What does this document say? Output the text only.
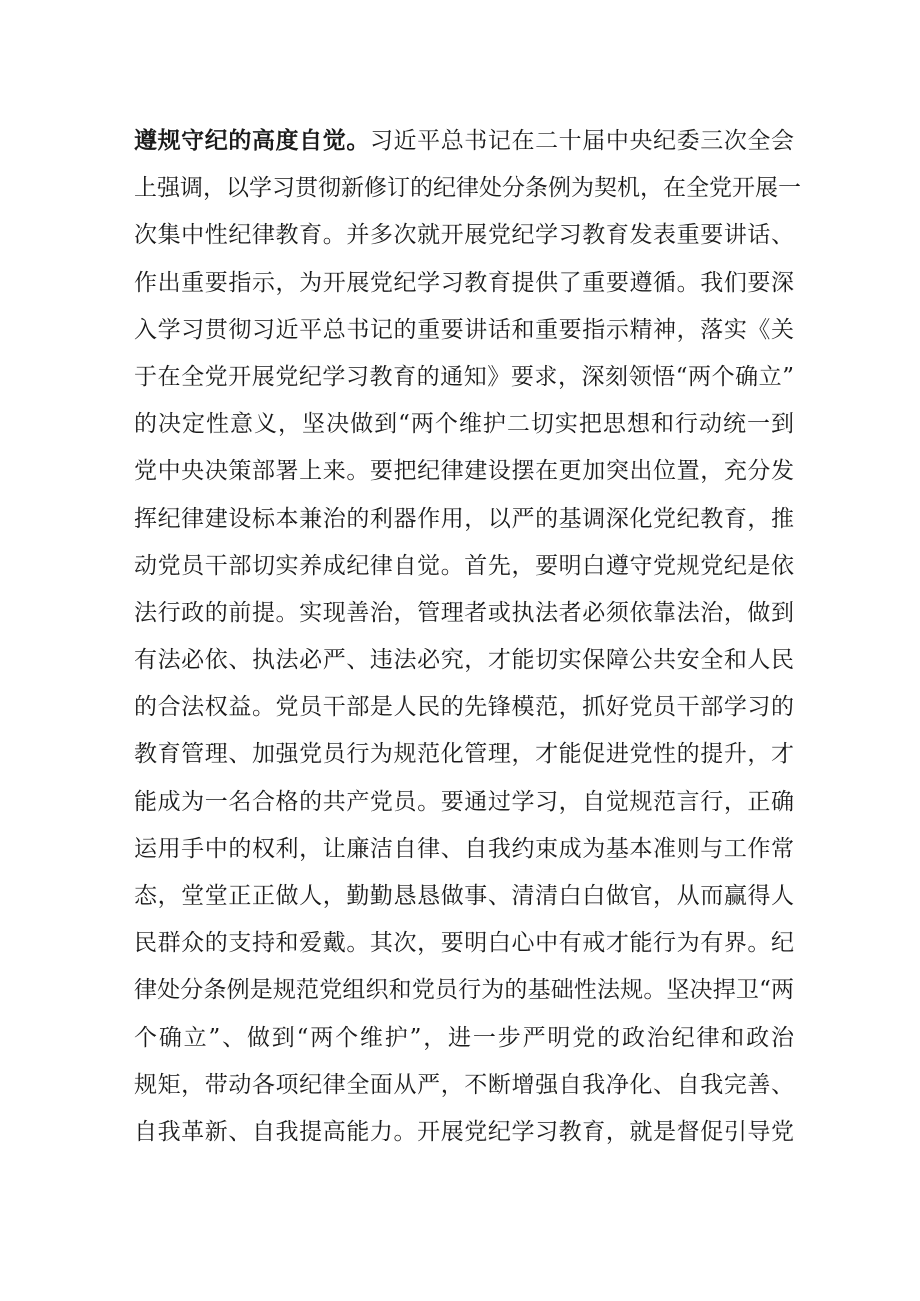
遵规守纪的高度自觉。习近平总书记在二十届中央纪委三次全会
上强调，以学习贯彻新修订的纪律处分条例为契机，在全党开展一
次集中性纪律教育。并多次就开展党纪学习教育发表重要讲话、
作出重要指示，为开展党纪学习教育提供了重要遵循。我们要深
入学习贯彻习近平总书记的重要讲话和重要指示精神，落实《关
于在全党开展党纪学习教育的通知》要求，深刻领悟“两个确立”
的决定性意义，坚决做到“两个维护二切实把思想和行动统一到
党中央决策部署上来。要把纪律建设摆在更加突出位置，充分发
挥纪律建设标本兼治的利器作用，以严的基调深化党纪教育，推
动党员干部切实养成纪律自觉。首先，要明白遵守党规党纪是依
法行政的前提。实现善治，管理者或执法者必须依靠法治，做到
有法必依、执法必严、违法必究，才能切实保障公共安全和人民
的合法权益。党员干部是人民的先锋模范，抓好党员干部学习的
教育管理、加强党员行为规范化管理，才能促进党性的提升，才
能成为一名合格的共产党员。要通过学习，自觉规范言行，正确
运用手中的权利，让廉洁自律、自我约束成为基本准则与工作常
态，堂堂正正做人，勤勤恳恳做事、清清白白做官，从而赢得人
民群众的支持和爱戴。其次，要明白心中有戒才能行为有界。纪
律处分条例是规范党组织和党员行为的基础性法规。坚决捍卫“两
个确立”、做到“两个维护”，进一步严明党的政治纪律和政治
规矩，带动各项纪律全面从严，不断增强自我净化、自我完善、
自我革新、自我提高能力。开展党纪学习教育，就是督促引导党
